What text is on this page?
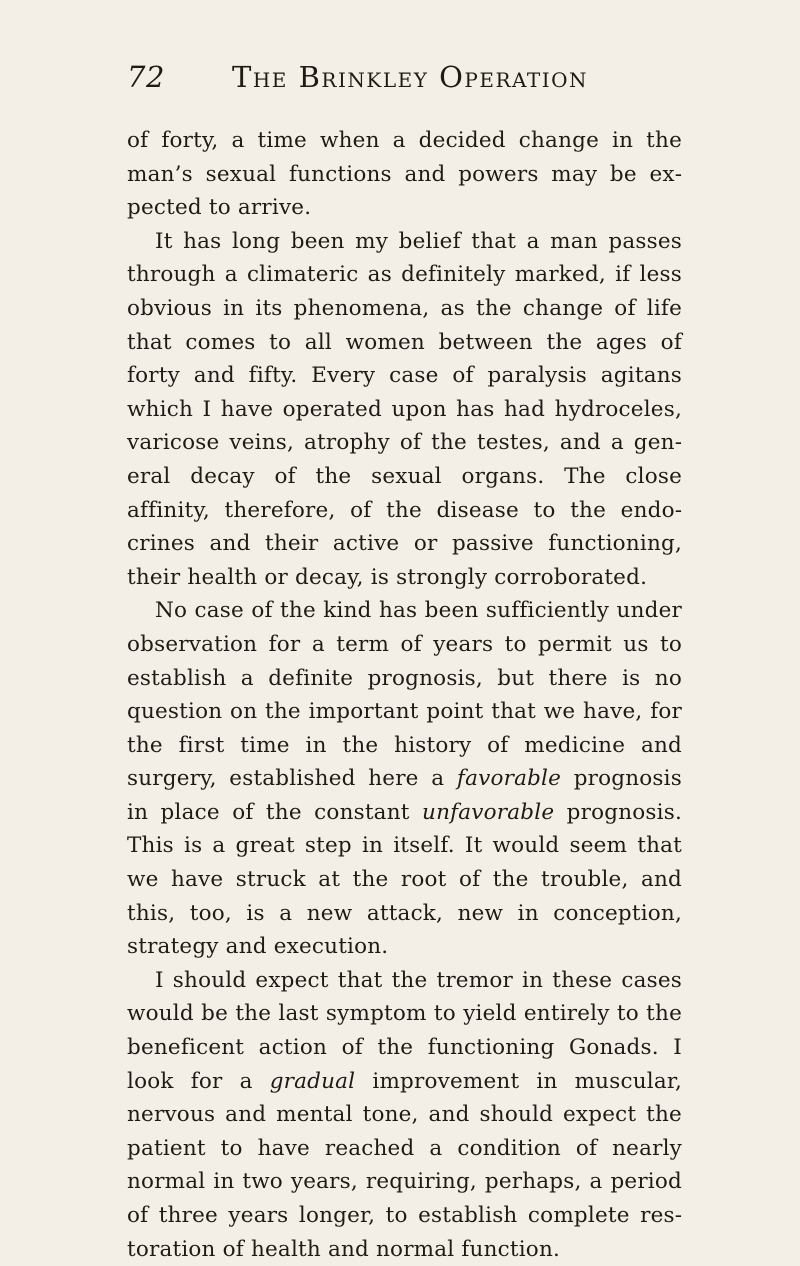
72 The Brinkley Operation

of forty, a time when a decided change in the man’s sexual functions and powers may be expected to arrive.

It has long been my belief that a man passes through a climateric as definitely marked, if less obvious in its phenomena, as the change of life that comes to all women between the ages of forty and fifty. Every case of paralysis agitans which I have operated upon has had hydroceles, varicose veins, atrophy of the testes, and a general decay of the sexual organs. The close affinity, therefore, of the disease to the endocrines and their active or passive functioning, their health or decay, is strongly corroborated.

No case of the kind has been sufficiently under observation for a term of years to permit us to establish a definite prognosis, but there is no question on the important point that we have, for the first time in the history of medicine and surgery, established here a favorable prognosis in place of the constant unfavorable prognosis. This is a great step in itself. It would seem that we have struck at the root of the trouble, and this, too, is a new attack, new in conception, strategy and execution.

I should expect that the tremor in these cases would be the last symptom to yield entirely to the beneficent action of the functioning Gonads. I look for a gradual improvement in muscular, nervous and mental tone, and should expect the patient to have reached a condition of nearly normal in two years, requiring, perhaps, a period of three years longer, to establish complete restoration of health and normal function.
